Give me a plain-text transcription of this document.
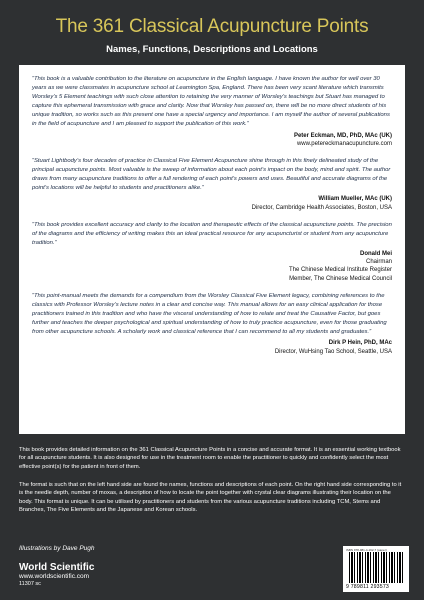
The 361 Classical Acupuncture Points
Names, Functions, Descriptions and Locations
“This book is a valuable contribution to the literature on acupuncture in the English language. I have known the author for well over 30 years as we were classmates in acupuncture school at Leamington Spa, England. There has been very scant literature which transmits Worsley’s 5 Element teachings with such close attention to retaining the very manner of Worsley’s teachings but Stuart has managed to capture this ephemeral transmission with grace and clarity. Now that Worsley has passed on, there will be no more direct students of his unique tradition, so works such as this present one have a special urgency and importance. I am myself the author of several publications in the field of acupuncture and I am pleased to support the publication of this work.”
Peter Eckman, MD, PhD, MAc (UK)
www.petereckmanacupuncture.com
“Stuart Lightbody’s four decades of practice in Classical Five Element Acupuncture shine through in this finely delineated study of the principal acupuncture points. Most valuable is the sweep of information about each point’s impact on the body, mind and spirit. The author draws from many acupuncture traditions to offer a full rendering of each point’s powers and uses. Beautiful and accurate diagrams of the point’s locations will be helpful to students and practitioners alike.”
William Mueller, MAc (UK)
Director, Cambridge Health Associates, Boston, USA
“This book provides excellent accuracy and clarity to the location and therapeutic effects of the classical acupuncture points. The precision of the diagrams and the efficiency of writing makes this an ideal practical resource for any acupuncturist or student from any acupuncture tradition.”
Donald Mei
Chairman
The Chinese Medical Institute Register
Member, The Chinese Medical Council
“This point-manual meets the demands for a compendium from the Worsley Classical Five Element legacy, combining references to the classics with Professor Worsley’s lecture notes in a clear and concise way. This manual allows for an easy clinical application for those practitioners trained in this tradition and who have the visceral understanding of how to relate and treat the Causative Factor, but goes further and teaches the deeper psychological and spiritual understanding of how to truly practice acupuncture, even for those graduating from other acupuncture schools. A scholarly work and classical reference that I can recommend to all my students and graduates.”
Dirk P Hein, PhD, MAc
Director, WuHsing Tao School, Seattle, USA
This book provides detailed information on the 361 Classical Acupuncture Points in a concise and accurate format. It is an essential working textbook for all acupuncture students. It is also designed for use in the treatment room to enable the practitioner to quickly and confidently select the most effective point(s) for the patient in front of them.
The format is such that on the left hand side are found the names, functions and descriptions of each point. On the right hand side corresponding to it is the needle depth, number of moxas, a description of how to locate the point together with crystal clear diagrams illustrating their location on the body. This format is unique. It can be utilised by practitioners and students from the various acupuncture traditions including TCM, Stems and Branches, The Five Elements and the Japanese and Korean schools.
Illustrations by Dave Pugh
World Scientific
www.worldscientific.com
11307 sc
ISBN 978-981-4-192-7 (paper)
9 789811 293573
